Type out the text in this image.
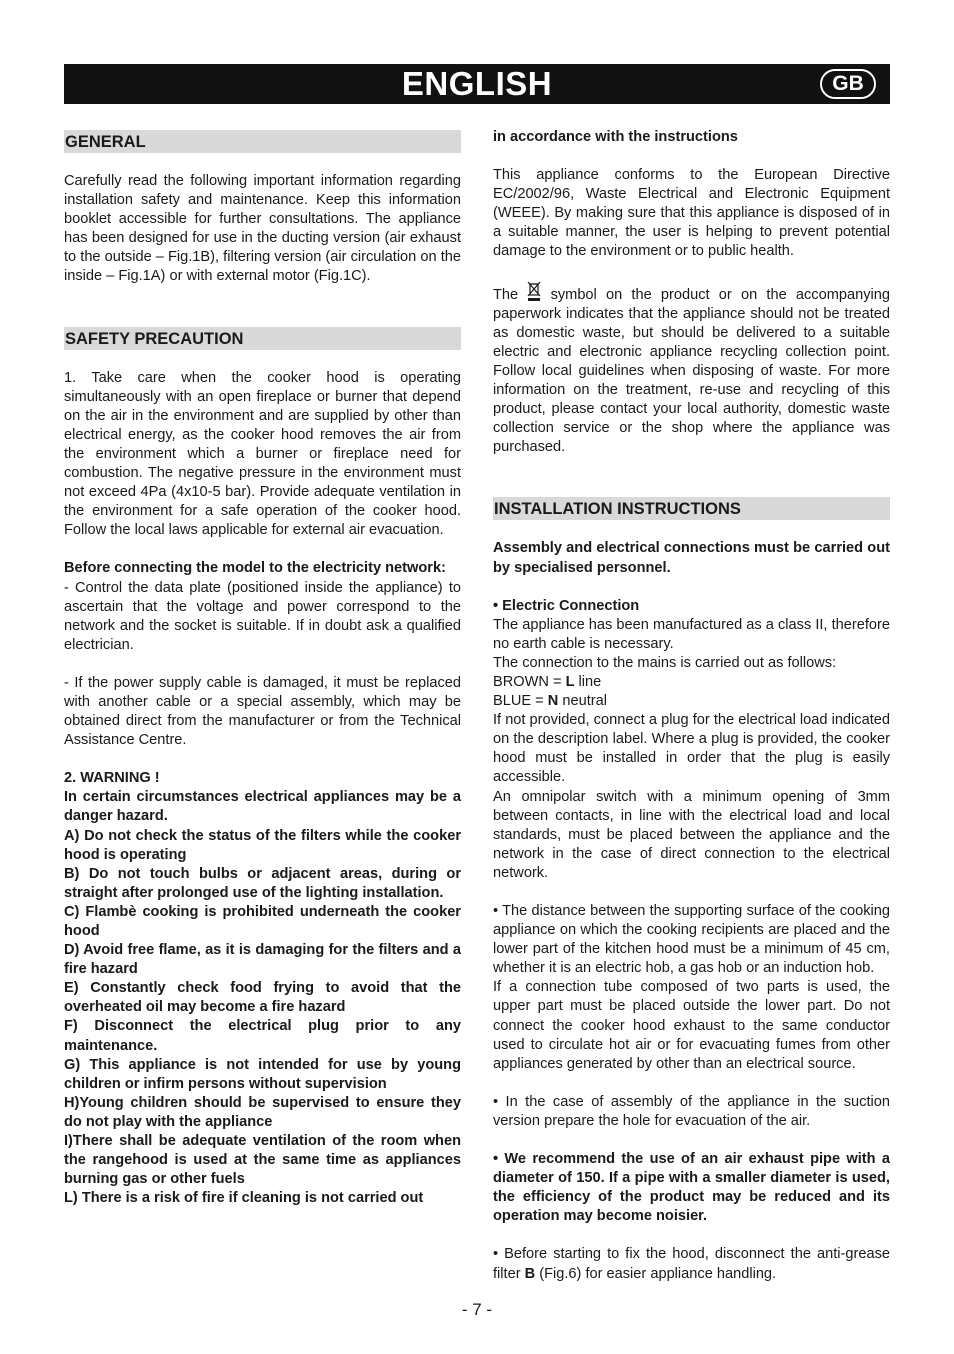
ENGLISH	GB
GENERAL

Carefully read the following important information regarding installation safety and maintenance. Keep this information booklet accessible for further consultations. The appliance has been designed for use in the ducting version (air exhaust to the outside – Fig.1B), filtering version (air circulation on the inside – Fig.1A) or with external motor (Fig.1C).

SAFETY PRECAUTION

1. Take care when the cooker hood is operating simultaneously with an open fireplace or burner that depend on the air in the environment and are supplied by other than electrical energy, as the cooker hood removes the air from the environment which a burner or fireplace need for combustion. The negative pressure in the environment must not exceed 4Pa (4x10-5 bar). Provide adequate ventilation in the environment for a safe operation of the cooker hood. Follow the local laws applicable for external air evacuation.

Before connecting the model to the electricity network:

- Control the data plate (positioned inside the appliance) to ascertain that the voltage and power correspond to the network and the socket is suitable. If in doubt ask a qualified electrician.

- If the power supply cable is damaged, it must be replaced with another cable or a special assembly, which may be obtained direct from the manufacturer or from the Technical Assistance Centre.

2. WARNING !

In certain circumstances electrical appliances may be a danger hazard.

A) Do not check the status of the filters while the cooker hood is operating

B) Do not touch bulbs or adjacent areas, during or straight after prolonged use of the lighting installation.

C) Flambè cooking is prohibited underneath the cooker hood

D) Avoid free flame, as it is damaging for the filters and a fire hazard

E) Constantly check food frying to avoid that the overheated oil may become a fire hazard

F) Disconnect the electrical plug prior to any maintenance.

G) This appliance is not intended for use by young children or infirm persons without supervision

H)Young children should be supervised to ensure they do not play with the appliance

I)There shall be adequate ventilation of the room when the rangehood is used at the same time as appliances burning gas or other fuels

L) There is a risk of fire if cleaning is not carried out

in accordance with the instructions

This appliance conforms to the European Directive EC/2002/96, Waste Electrical and Electronic Equipment (WEEE). By making sure that this appliance is disposed of in a suitable manner, the user is helping to prevent potential damage to the environment or to public health.

The symbol on the product or on the accompanying paperwork indicates that the appliance should not be treated as domestic waste, but should be delivered to a suitable electric and electronic appliance recycling collection point. Follow local guidelines when disposing of waste. For more information on the treatment, re-use and recycling of this product, please contact your local authority, domestic waste collection service or the shop where the appliance was purchased.

INSTALLATION INSTRUCTIONS

Assembly and electrical connections must be carried out by specialised personnel.

• Electric Connection

The appliance has been manufactured as a class II, therefore no earth cable is necessary.

The connection to the mains is carried out as follows:

BROWN = L line

BLUE = N neutral

If not provided, connect a plug for the electrical load indicated on the description label. Where a plug is provided, the cooker hood must be installed in order that the plug is easily accessible.

An omnipolar switch with a minimum opening of 3mm between contacts, in line with the electrical load and local standards, must be placed between the appliance and the network in the case of direct connection to the electrical network.

• The distance between the supporting surface of the cooking appliance on which the cooking recipients are placed and the lower part of the kitchen hood must be a minimum of 45 cm, whether it is an electric hob, a gas hob or an induction hob.

If a connection tube composed of two parts is used, the upper part must be placed outside the lower part. Do not connect the cooker hood exhaust to the same conductor used to circulate hot air or for evacuating fumes from other appliances generated by other than an electrical source.

• In the case of assembly of the appliance in the suction version prepare the hole for evacuation of the air.

• We recommend the use of an air exhaust pipe with a diameter of 150. If a pipe with a smaller diameter is used, the efficiency of the product may be reduced and its operation may become noisier.

• Before starting to fix the hood, disconnect the anti-grease filter B (Fig.6) for easier appliance handling.

- 7 -
